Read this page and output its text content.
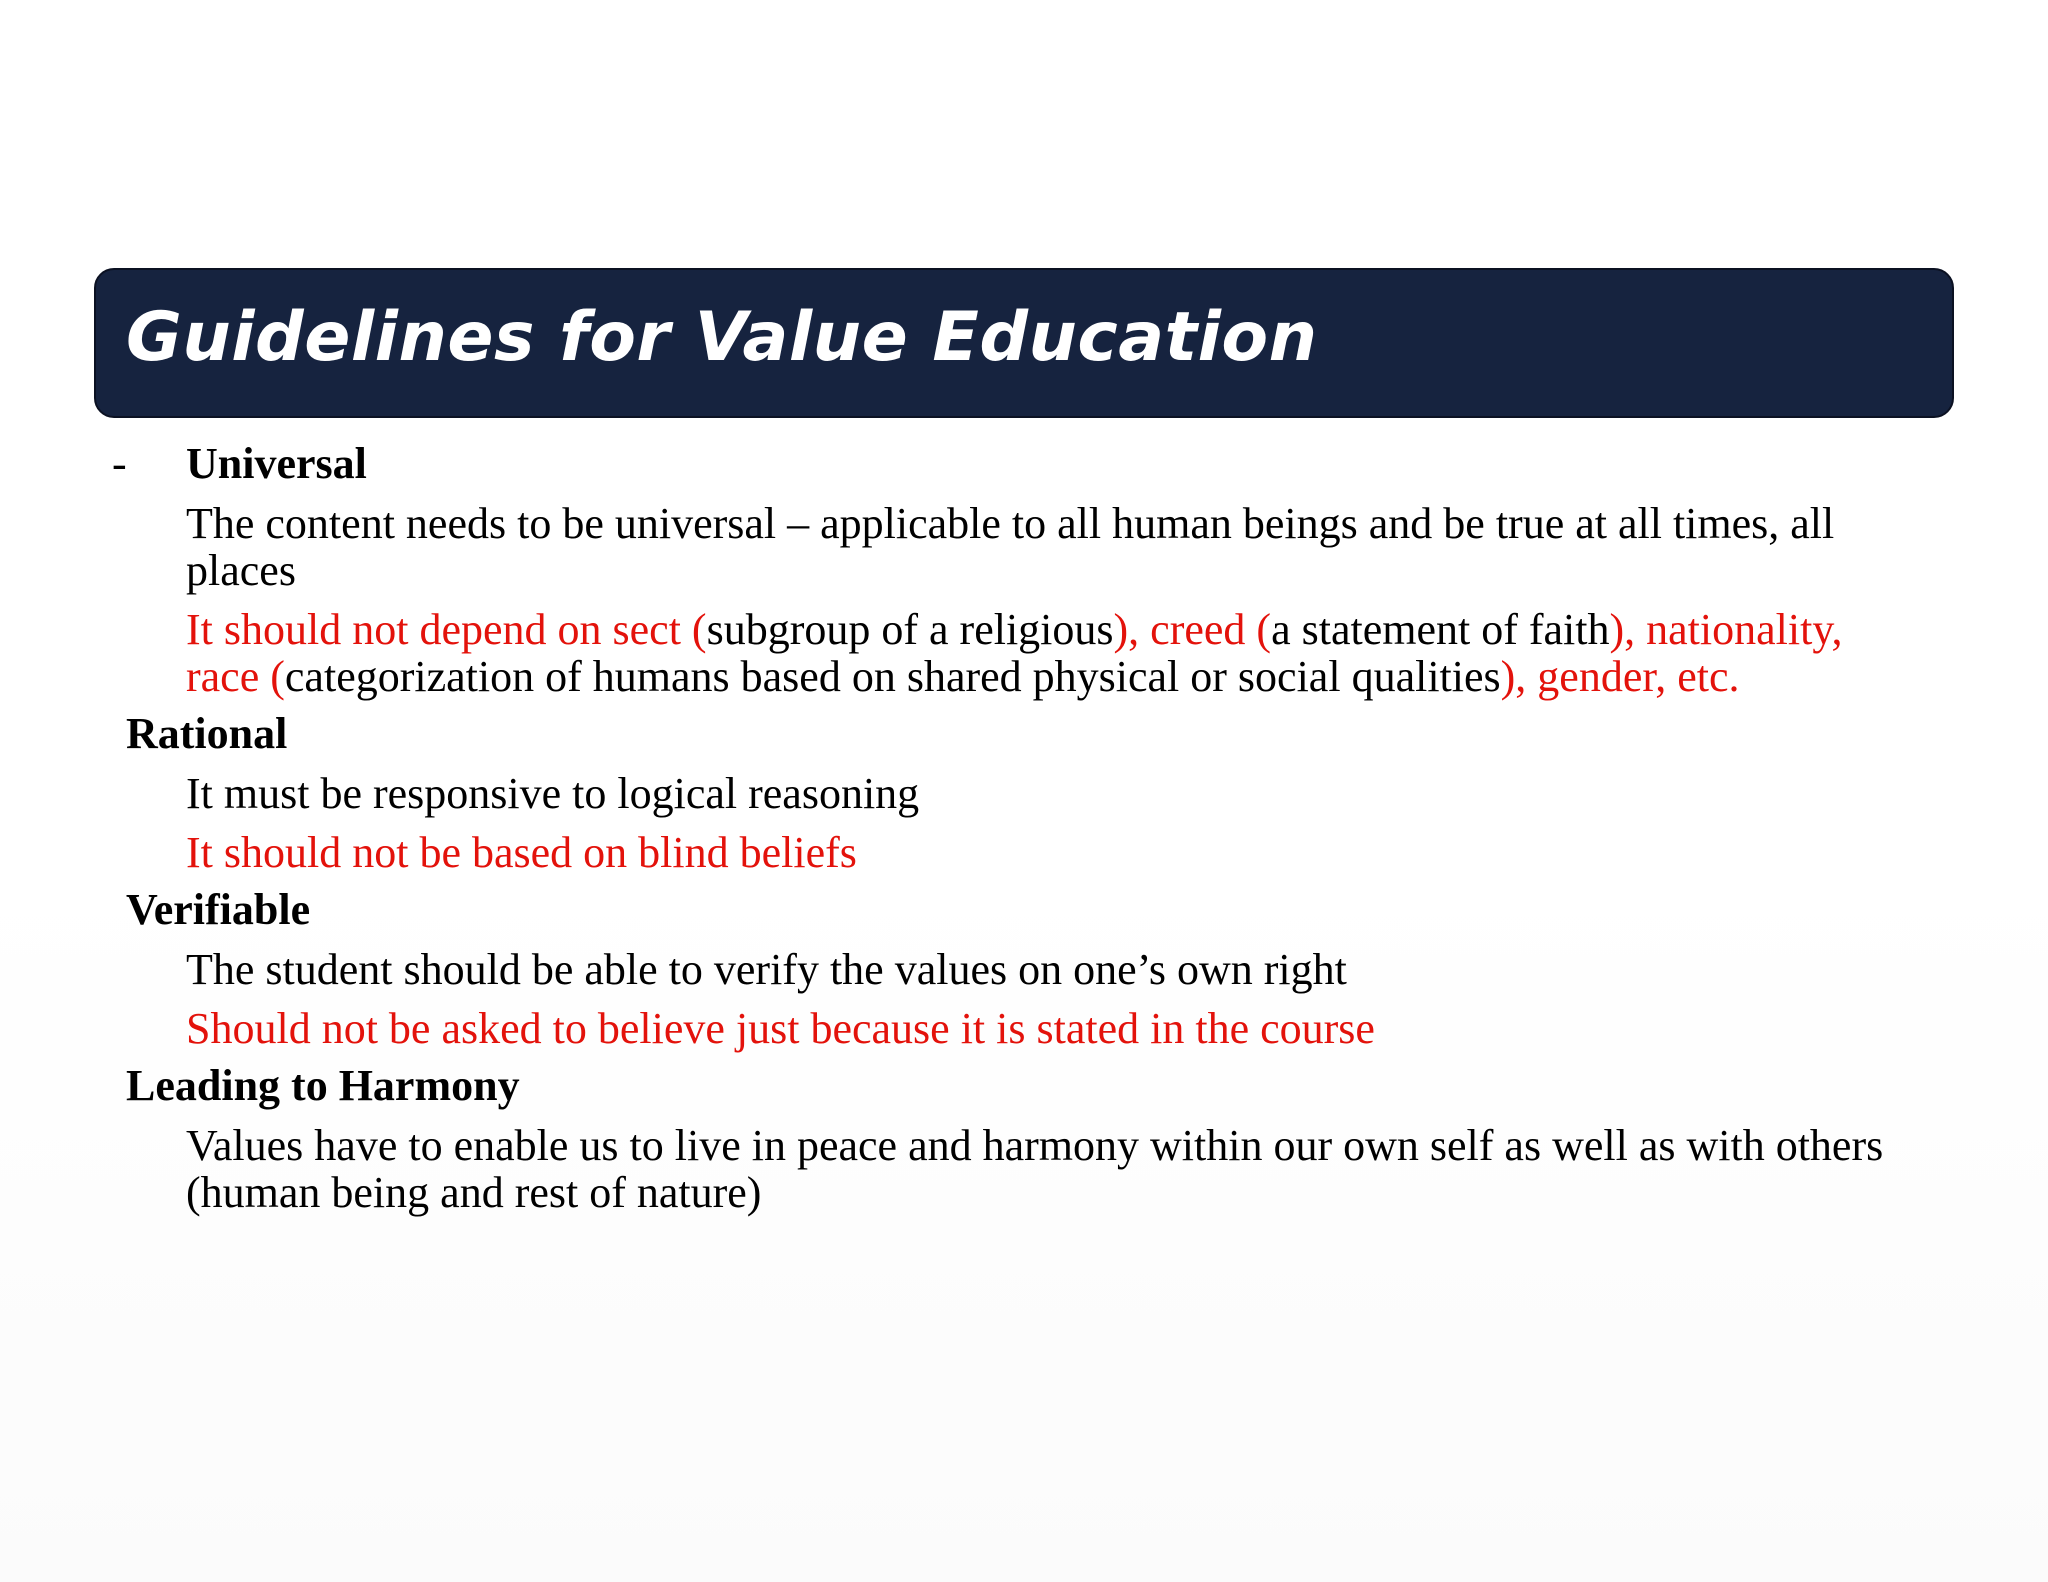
Guidelines for Value Education
- Universal
The content needs to be universal – applicable to all human beings and be true at all times, all places
It should not depend on sect (subgroup of a religious), creed (a statement of faith), nationality, race (categorization of humans based on shared physical or social qualities), gender, etc.
Rational
It must be responsive to logical reasoning
It should not be based on blind beliefs
Verifiable
The student should be able to verify the values on one’s own right
Should not be asked to believe just because it is stated in the course
Leading to Harmony
Values have to enable us to live in peace and harmony within our own self as well as with others (human being and rest of nature)
